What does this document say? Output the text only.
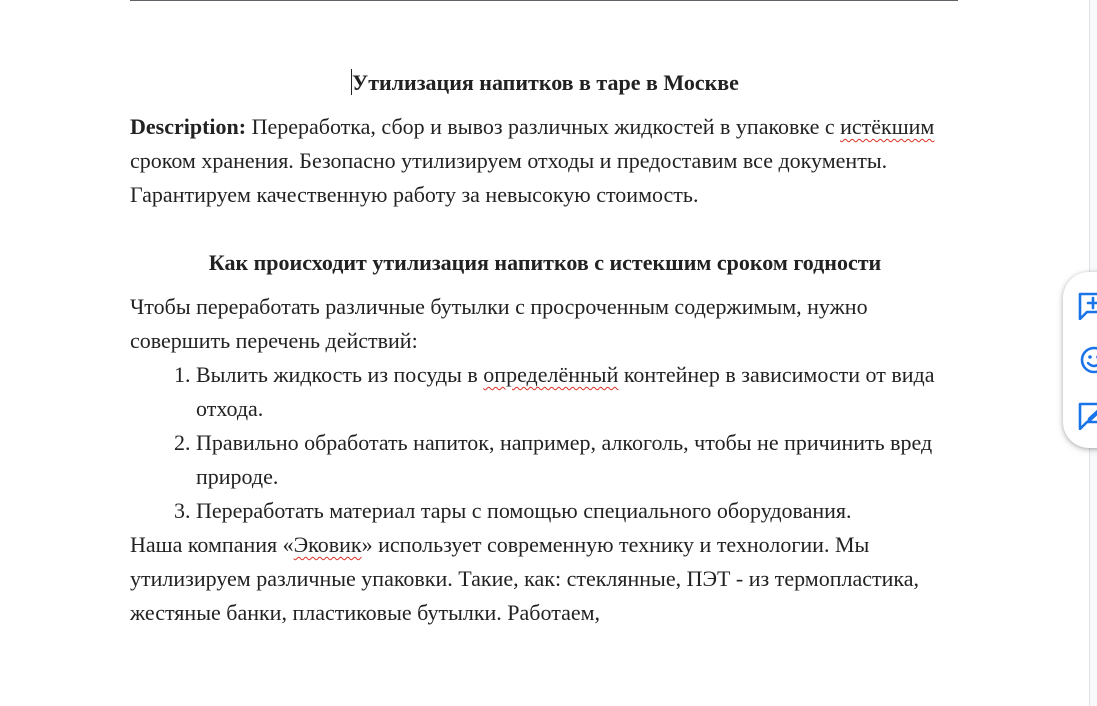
Утилизация напитков в таре в Москве

Description: Переработка, сбор и вывоз различных жидкостей в упаковке с истёкшим сроком хранения. Безопасно утилизируем отходы и предоставим все документы. Гарантируем качественную работу за невысокую стоимость.

Как происходит утилизация напитков с истекшим сроком годности

Чтобы переработать различные бутылки с просроченным содержимым, нужно совершить перечень действий:

1. Вылить жидкость из посуды в определённый контейнер в зависимости от вида отхода.
2. Правильно обработать напиток, например, алкоголь, чтобы не причинить вред природе.
3. Переработать материал тары с помощью специального оборудования.

Наша компания «Эковик» использует современную технику и технологии. Мы утилизируем различные упаковки. Такие, как: стеклянные, ПЭТ - из термопластика, жестяные банки, пластиковые бутылки. Работаем,
